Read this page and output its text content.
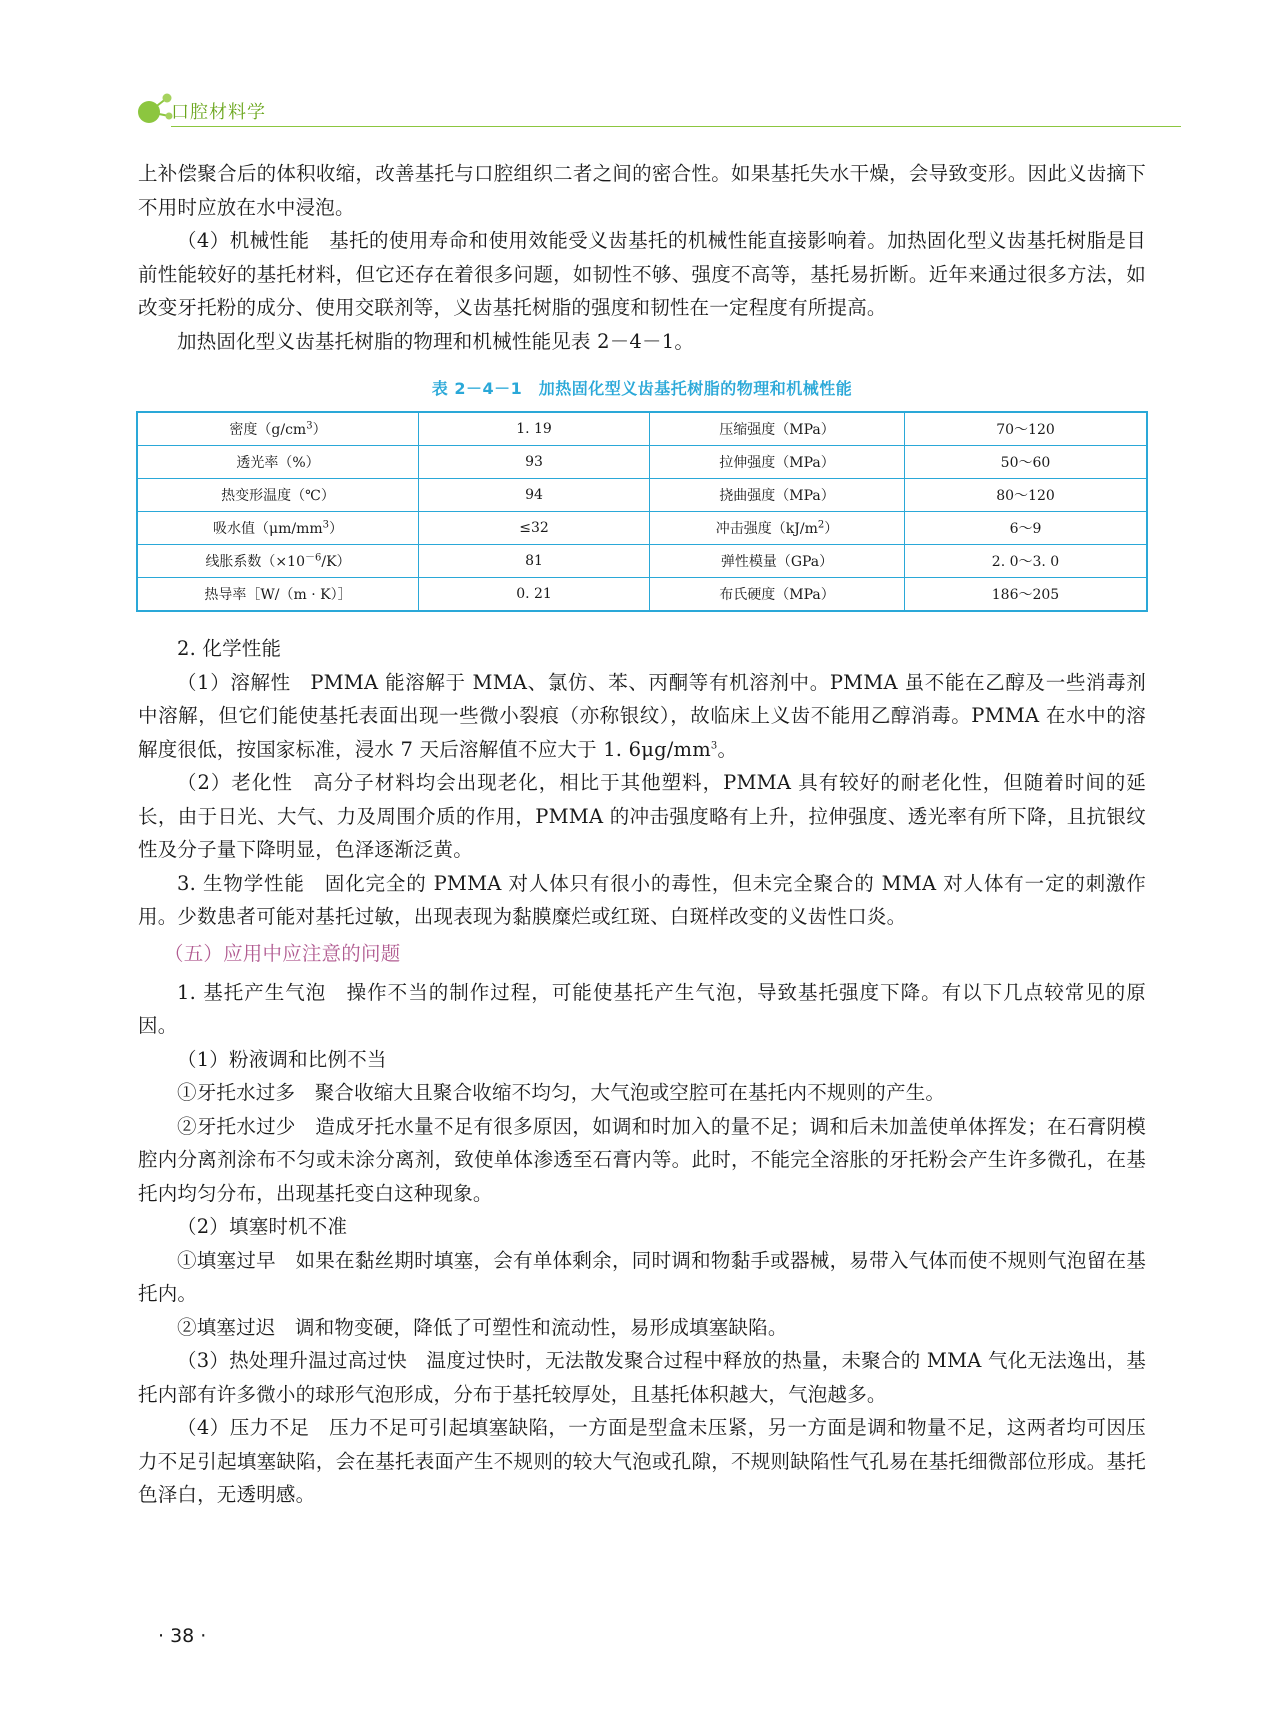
口腔材料学

上补偿聚合后的体积收缩，改善基托与口腔组织二者之间的密合性。如果基托失水干燥，会导致变形。因此义齿摘下不用时应放在水中浸泡。

（4）机械性能 基托的使用寿命和使用效能受义齿基托的机械性能直接影响着。加热固化型义齿基托树脂是目前性能较好的基托材料，但它还存在着很多问题，如韧性不够、强度不高等，基托易折断。近年来通过很多方法，如改变牙托粉的成分、使用交联剂等，义齿基托树脂的强度和韧性在一定程度有所提高。

加热固化型义齿基托树脂的物理和机械性能见表 2－4－1。

表 2－4－1　加热固化型义齿基托树脂的物理和机械性能
密度$(g/cm^3)$	1. 19	压缩强度（MPa）	70～120
透光率（%）	93	拉伸强度（MPa）	50～60
热变形温度（℃）	94	挠曲强度（MPa）	80～120
吸水值$(\mu m/mm^3)$	≤32	冲击强度$(kJ/m^2)$	6～9
线胀系数$(\times 10^{-6}/K)$	81	弹性模量（GPa）	2. 0～3. 0
热导率［W/（m · K）］	0. 21	布氏硬度（MPa）	186～205

2. 化学性能

（1）溶解性 PMMA 能溶解于 MMA、氯仿、苯、丙酮等有机溶剂中。PMMA 虽不能在乙醇及一些消毒剂中溶解，但它们能使基托表面出现一些微小裂痕（亦称银纹），故临床上义齿不能用乙醇消毒。PMMA 在水中的溶解度很低，按国家标准，浸水 7 天后溶解值不应大于 1. $6\mu g/mm^3$。

（2）老化性 高分子材料均会出现老化，相比于其他塑料，PMMA 具有较好的耐老化性，但随着时间的延长，由于日光、大气、力及周围介质的作用，PMMA 的冲击强度略有上升，拉伸强度、透光率有所下降，且抗银纹性及分子量下降明显，色泽逐渐泛黄。

3. 生物学性能 固化完全的 PMMA 对人体只有很小的毒性，但未完全聚合的 MMA 对人体有一定的刺激作用。少数患者可能对基托过敏，出现表现为黏膜糜烂或红斑、白斑样改变的义齿性口炎。

（五）应用中应注意的问题

1. 基托产生气泡 操作不当的制作过程，可能使基托产生气泡，导致基托强度下降。有以下几点较常见的原因。

（1）粉液调和比例不当

①牙托水过多 聚合收缩大且聚合收缩不均匀，大气泡或空腔可在基托内不规则的产生。

②牙托水过少 造成牙托水量不足有很多原因，如调和时加入的量不足；调和后未加盖使单体挥发；在石膏阴模腔内分离剂涂布不匀或未涂分离剂，致使单体渗透至石膏内等。此时，不能完全溶胀的牙托粉会产生许多微孔，在基托内均匀分布，出现基托变白这种现象。

（2）填塞时机不准

①填塞过早 如果在黏丝期时填塞，会有单体剩余，同时调和物黏手或器械，易带入气体而使不规则气泡留在基托内。

②填塞过迟 调和物变硬，降低了可塑性和流动性，易形成填塞缺陷。

（3）热处理升温过高过快 温度过快时，无法散发聚合过程中释放的热量，未聚合的 MMA 气化无法逸出，基托内部有许多微小的球形气泡形成，分布于基托较厚处，且基托体积越大，气泡越多。

（4）压力不足 压力不足可引起填塞缺陷，一方面是型盒未压紧，另一方面是调和物量不足，这两者均可因压力不足引起填塞缺陷，会在基托表面产生不规则的较大气泡或孔隙，不规则缺陷性气孔易在基托细微部位形成。基托色泽白，无透明感。

· 38 ·
